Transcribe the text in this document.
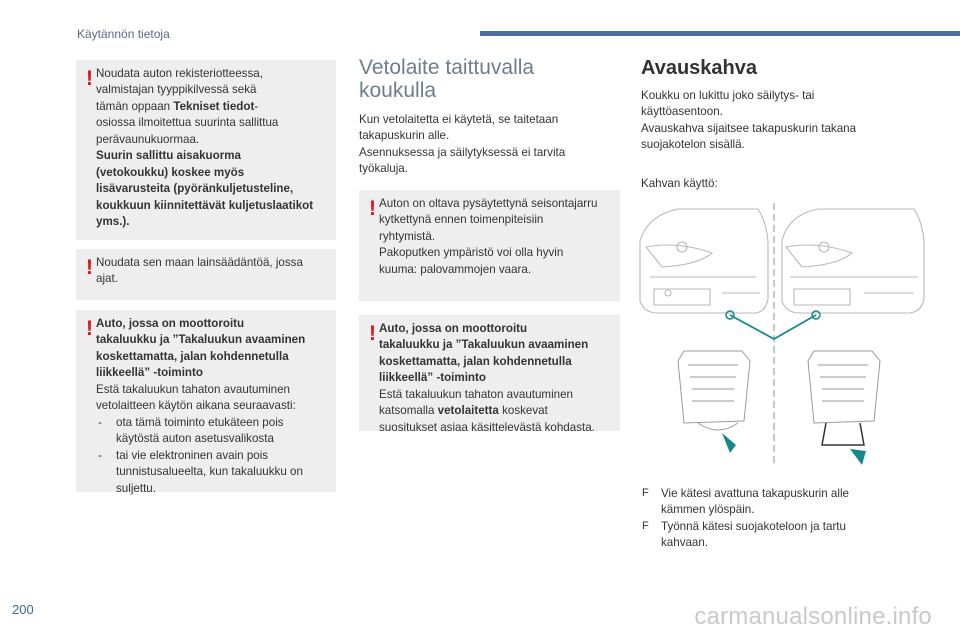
Käytännön tietoja
! Noudata auton rekisteriotteessa,

valmistajan tyyppikilvessä sekä

tämän oppaan Tekniset tiedot-

osiossa ilmoitettua suurinta sallittua

perävaunukuormaa.

Suurin sallittu aisakuorma

(vetokoukku) koskee myös

lisävarusteita (pyöränkuljetusteline,

koukkuun kiinnitettävät kuljetuslaatikot

yms.).

! Noudata sen maan lainsäädäntöä, jossa

ajat.

! Auto, jossa on moottoroitu

takaluukku ja ”Takaluukun avaaminen

koskettamatta, jalan kohdennetulla

liikkeellä” -toiminto

Estä takaluukun tahaton avautuminen

vetolaitteen käytön aikana seuraavasti:

- ota tämä toiminto etukäteen pois
käytöstä auton asetusvalikosta
- tai vie elektroninen avain pois
tunnistusalueelta, kun takaluukku on
suljettu.
Vetolaite taittuvalla
koukulla

Kun vetolaitetta ei käytetä, se taitetaan

takapuskurin alle.

Asennuksessa ja säilytyksessä ei tarvita

työkaluja.

! Auton on oltava pysäytettynä seisontajarru

kytkettynä ennen toimenpiteisiin

ryhtymistä.

Pakoputken ympäristö voi olla hyvin

kuuma: palovammojen vaara.

! Auto, jossa on moottoroitu

takaluukku ja ”Takaluukun avaaminen

koskettamatta, jalan kohdennetulla

liikkeellä” -toiminto

Estä takaluukun tahaton avautuminen

katsomalla vetolaitetta koskevat

suositukset asiaa käsittelevästä kohdasta.

Avauskahva

Koukku on lukittu joko säilytys- tai

käyttöasentoon.

Avauskahva sijaitsee takapuskurin takana

suojakotelon sisällä.

Kahvan käyttö:

F Vie kätesi avattuna takapuskurin alle
kämmen ylöspäin.
F Työnnä kätesi suojakoteloon ja tartu
kahvaan.
200	carmanualsonline.info
